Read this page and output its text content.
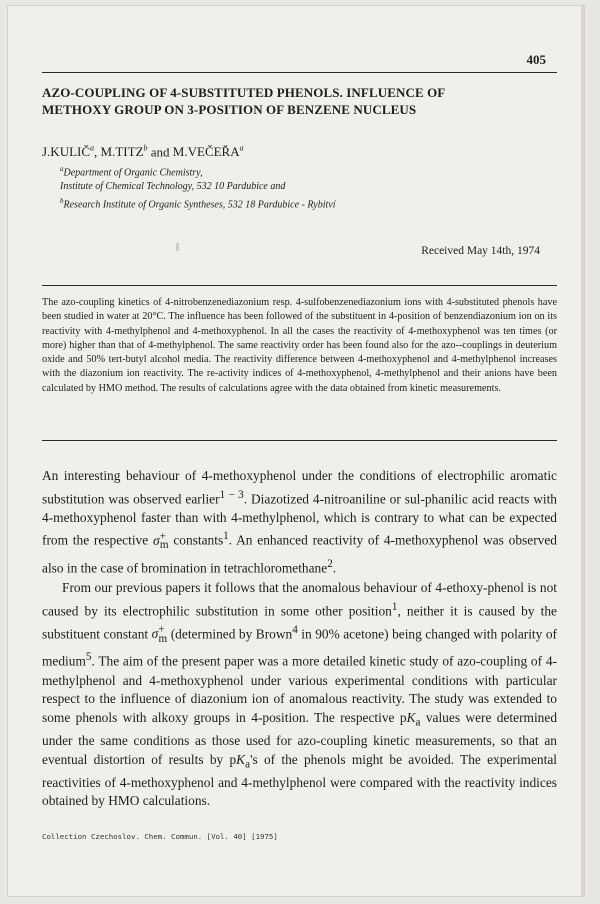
405
AZO-COUPLING OF 4-SUBSTITUTED PHENOLS. INFLUENCE OF
METHOXY GROUP ON 3-POSITION OF BENZENE NUCLEUS
J.KULIČ$^a$, M.TITZ$^b$ and M.VEČEŘA$^a$
$^a$Department of Organic Chemistry,
Institute of Chemical Technology, 532 10 Pardubice and
$^b$Research Institute of Organic Syntheses, 532 18 Pardubice - Rybitví
Received May 14th, 1974
The azo-coupling kinetics of 4-nitrobenzenediazonium resp. 4-sulfobenzenediazonium ions with 4-substituted phenols have been studied in water at 20°C. The influence has been followed of the substituent in 4-position of benzendiazonium ion on its reactivity with 4-methylphenol and 4-methoxyphenol. In all the cases the reactivity of 4-methoxyphenol was ten times (or more) higher than that of 4-methylphenol. The same reactivity order has been found also for the azo--couplings in deuterium oxide and 50% tert-butyl alcohol media. The reactivity difference between 4-methoxyphenol and 4-methylphenol increases with the diazonium ion reactivity. The re-activity indices of 4-methoxyphenol, 4-methylphenol and their anions have been calculated by HMO method. The results of calculations agree with the data obtained from kinetic measurements.

An interesting behaviour of 4-methoxyphenol under the conditions of electrophilic aromatic substitution was observed earlier$^{1 - 3}$. Diazotized 4-nitroaniline or sul-phanilic acid reacts with 4-methoxyphenol faster than with 4-methylphenol, which is contrary to what can be expected from the respective $\sigma^+_m$ constants$^1$. An enhanced reactivity of 4-methoxyphenol was observed also in the case of bromination in tetrachloromethane$^2$.

From our previous papers it follows that the anomalous behaviour of 4-ethoxy-phenol is not caused by its electrophilic substitution in some other position$^1$, neither it is caused by the substituent constant $\sigma^+_m$ (determined by Brown$^4$ in 90% acetone) being changed with polarity of medium$^5$. The aim of the present paper was a more detailed kinetic study of azo-coupling of 4-methylphenol and 4-methoxyphenol under various experimental conditions with particular respect to the influence of diazonium ion of anomalous reactivity. The study was extended to some phenols with alkoxy groups in 4-position. The respective $pK_a$ values were determined under the same conditions as those used for azo-coupling kinetic measurements, so that an eventual distortion of results by $pK_a's$ of the phenols might be avoided. The experimental reactivities of 4-methoxyphenol and 4-methylphenol were compared with the reactivity indices obtained by HMO calculations.

Collection Czechoslov. Chem. Commun. [Vol. 40] [1975]
